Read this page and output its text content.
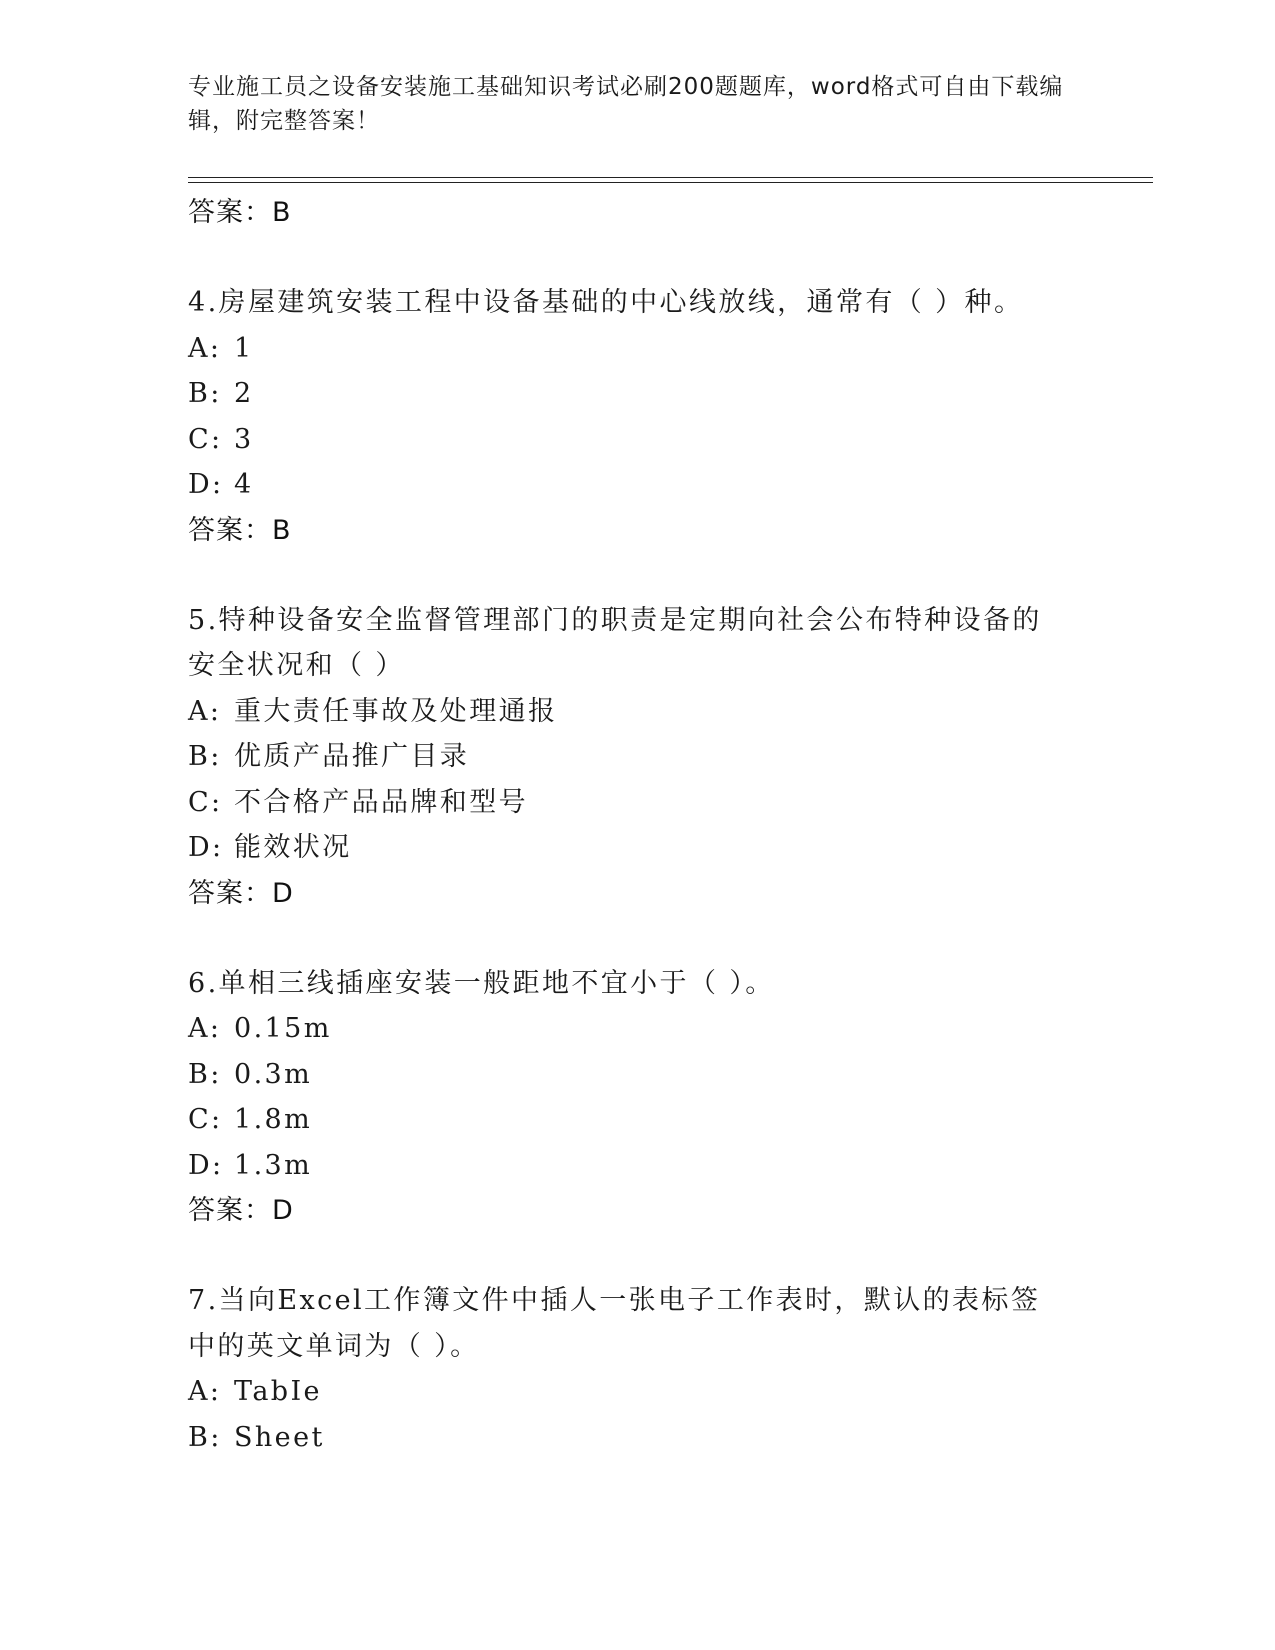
专业施工员之设备安装施工基础知识考试必刷200题题库，word格式可自由下载编辑，附完整答案！
答案：B
4.房屋建筑安装工程中设备基础的中心线放线，通常有（ ）种。
A: 1
B: 2
C: 3
D: 4
答案：B
5.特种设备安全监督管理部门的职责是定期向社会公布特种设备的安全状况和（ ）
A: 重大责任事故及处理通报
B: 优质产品推广目录
C: 不合格产品品牌和型号
D: 能效状况
答案：D
6.单相三线插座安装一般距地不宜小于（ ）。
A: 0.15m
B: 0.3m
C: 1.8m
D: 1.3m
答案：D
7.当向Excel工作簿文件中插人一张电子工作表时，默认的表标签中的英文单词为（ ）。
A: TabIe
B: Sheet
